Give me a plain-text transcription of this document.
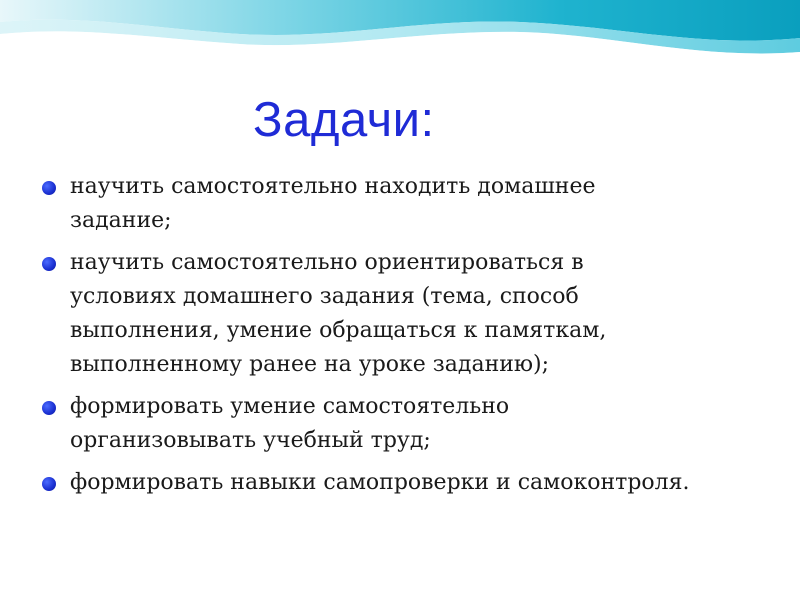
Задачи:
научить самостоятельно находить домашнее задание;
научить самостоятельно ориентироваться в условиях домашнего задания (тема, способ выполнения, умение обращаться к памяткам, выполненному ранее на уроке заданию);
формировать умение самостоятельно организовывать учебный труд;
формировать навыки самопроверки и самоконтроля.
